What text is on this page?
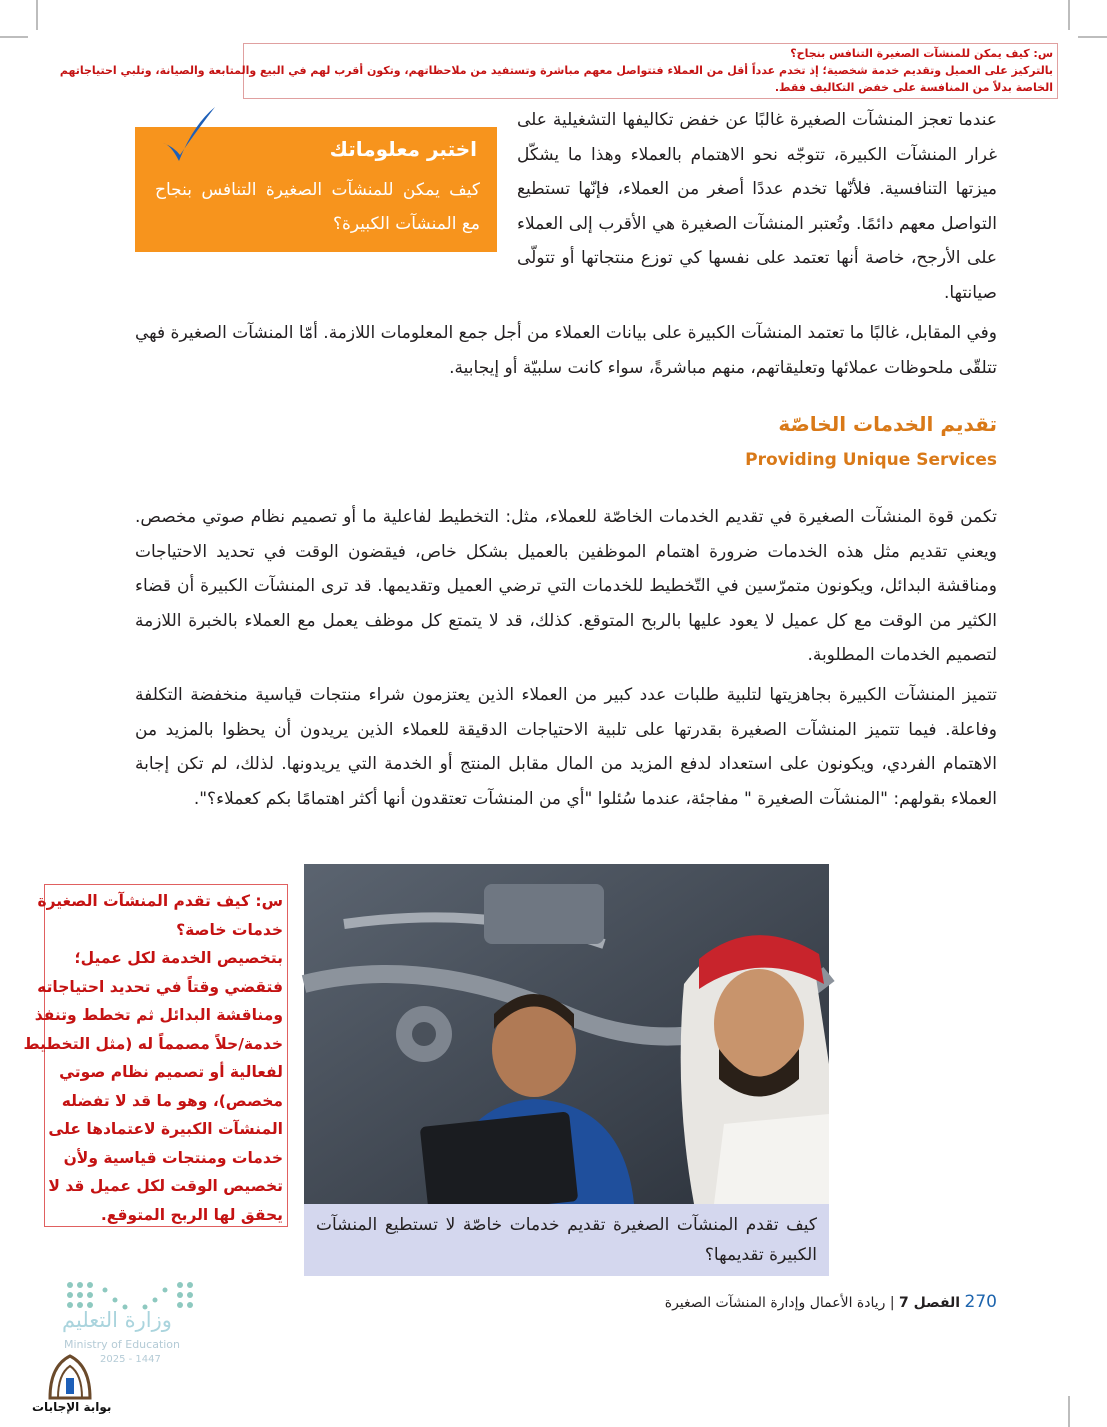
س: كيف يمكن للمنشآت الصغيرة التنافس بنجاح؟
بالتركيز على العميل وتقديم خدمة شخصية؛ إذ تخدم عدداً أقل من العملاء فتتواصل معهم مباشرة وتستفيد من ملاحظاتهم، وتكون أقرب لهم في البيع والمتابعة والصيانة، وتلبي احتياجاتهم
الخاصة بدلاً من المنافسة على خفض التكاليف فقط.
عندما تعجز المنشآت الصغيرة غالبًا عن خفض تكاليفها التشغيلية على غرار المنشآت الكبيرة، تتوجّه نحو الاهتمام بالعملاء وهذا ما يشكّل ميزتها التنافسية. فلأنّها تخدم عددًا أصغر من العملاء، فإنّها تستطيع التواصل معهم دائمًا. وتُعتبر المنشآت الصغيرة هي الأقرب إلى العملاء على الأرجح، خاصة أنها تعتمد على نفسها كي توزع منتجاتها أو تتولّى صيانتها.
اختبر معلوماتك
كيف يمكن للمنشآت الصغيرة التنافس بنجاح مع المنشآت الكبيرة؟
وفي المقابل، غالبًا ما تعتمد المنشآت الكبيرة على بيانات العملاء من أجل جمع المعلومات اللازمة. أمّا المنشآت الصغيرة فهي تتلقّى ملحوظات عملائها وتعليقاتهم، منهم مباشرةً، سواء كانت سلبيّة أو إيجابية.
تقديم الخدمات الخاصّة
Providing Unique Services
تكمن قوة المنشآت الصغيرة في تقديم الخدمات الخاصّة للعملاء، مثل: التخطيط لفاعلية ما أو تصميم نظام صوتي مخصص. ويعني تقديم مثل هذه الخدمات ضرورة اهتمام الموظفين بالعميل بشكل خاص، فيقضون الوقت في تحديد الاحتياجات ومناقشة البدائل، ويكونون متمرّسين في التّخطيط للخدمات التي ترضي العميل وتقديمها. قد ترى المنشآت الكبيرة أن قضاء الكثير من الوقت مع كل عميل لا يعود عليها بالربح المتوقع. كذلك، قد لا يتمتع كل موظف يعمل مع العملاء بالخبرة اللازمة لتصميم الخدمات المطلوبة.
تتميز المنشآت الكبيرة بجاهزيتها لتلبية طلبات عدد كبير من العملاء الذين يعتزمون شراء منتجات قياسية منخفضة التكلفة وفاعلة. فيما تتميز المنشآت الصغيرة بقدرتها على تلبية الاحتياجات الدقيقة للعملاء الذين يريدون أن يحظوا بالمزيد من الاهتمام الفردي، ويكونون على استعداد لدفع المزيد من المال مقابل المنتج أو الخدمة التي يريدونها. لذلك، لم تكن إجابة العملاء بقولهم: "المنشآت الصغيرة " مفاجئة، عندما سُئلوا "أي من المنشآت تعتقدون أنها أكثر اهتمامًا بكم كعملاء؟".
كيف تقدم المنشآت الصغيرة تقديم خدمات خاصّة لا تستطيع المنشآت الكبيرة تقديمها؟
س: كيف تقدم المنشآت الصغيرة
خدمات خاصة؟
بتخصيص الخدمة لكل عميل؛
فتقضي وقتاً في تحديد احتياجاته
ومناقشة البدائل ثم تخطط وتنفذ
خدمة/حلاً مصمماً له (مثل التخطيط
لفعالية أو تصميم نظام صوتي
مخصص)، وهو ما قد لا تفضله
المنشآت الكبيرة لاعتمادها على
خدمات ومنتجات قياسية ولأن
تخصيص الوقت لكل عميل قد لا
يحقق لها الربح المتوقع.
وزارة التعليم
Ministry of Education
2025 - 1447
270 الفصل 7 | ريادة الأعمال وإدارة المنشآت الصغيرة
بوابة الإجابات
